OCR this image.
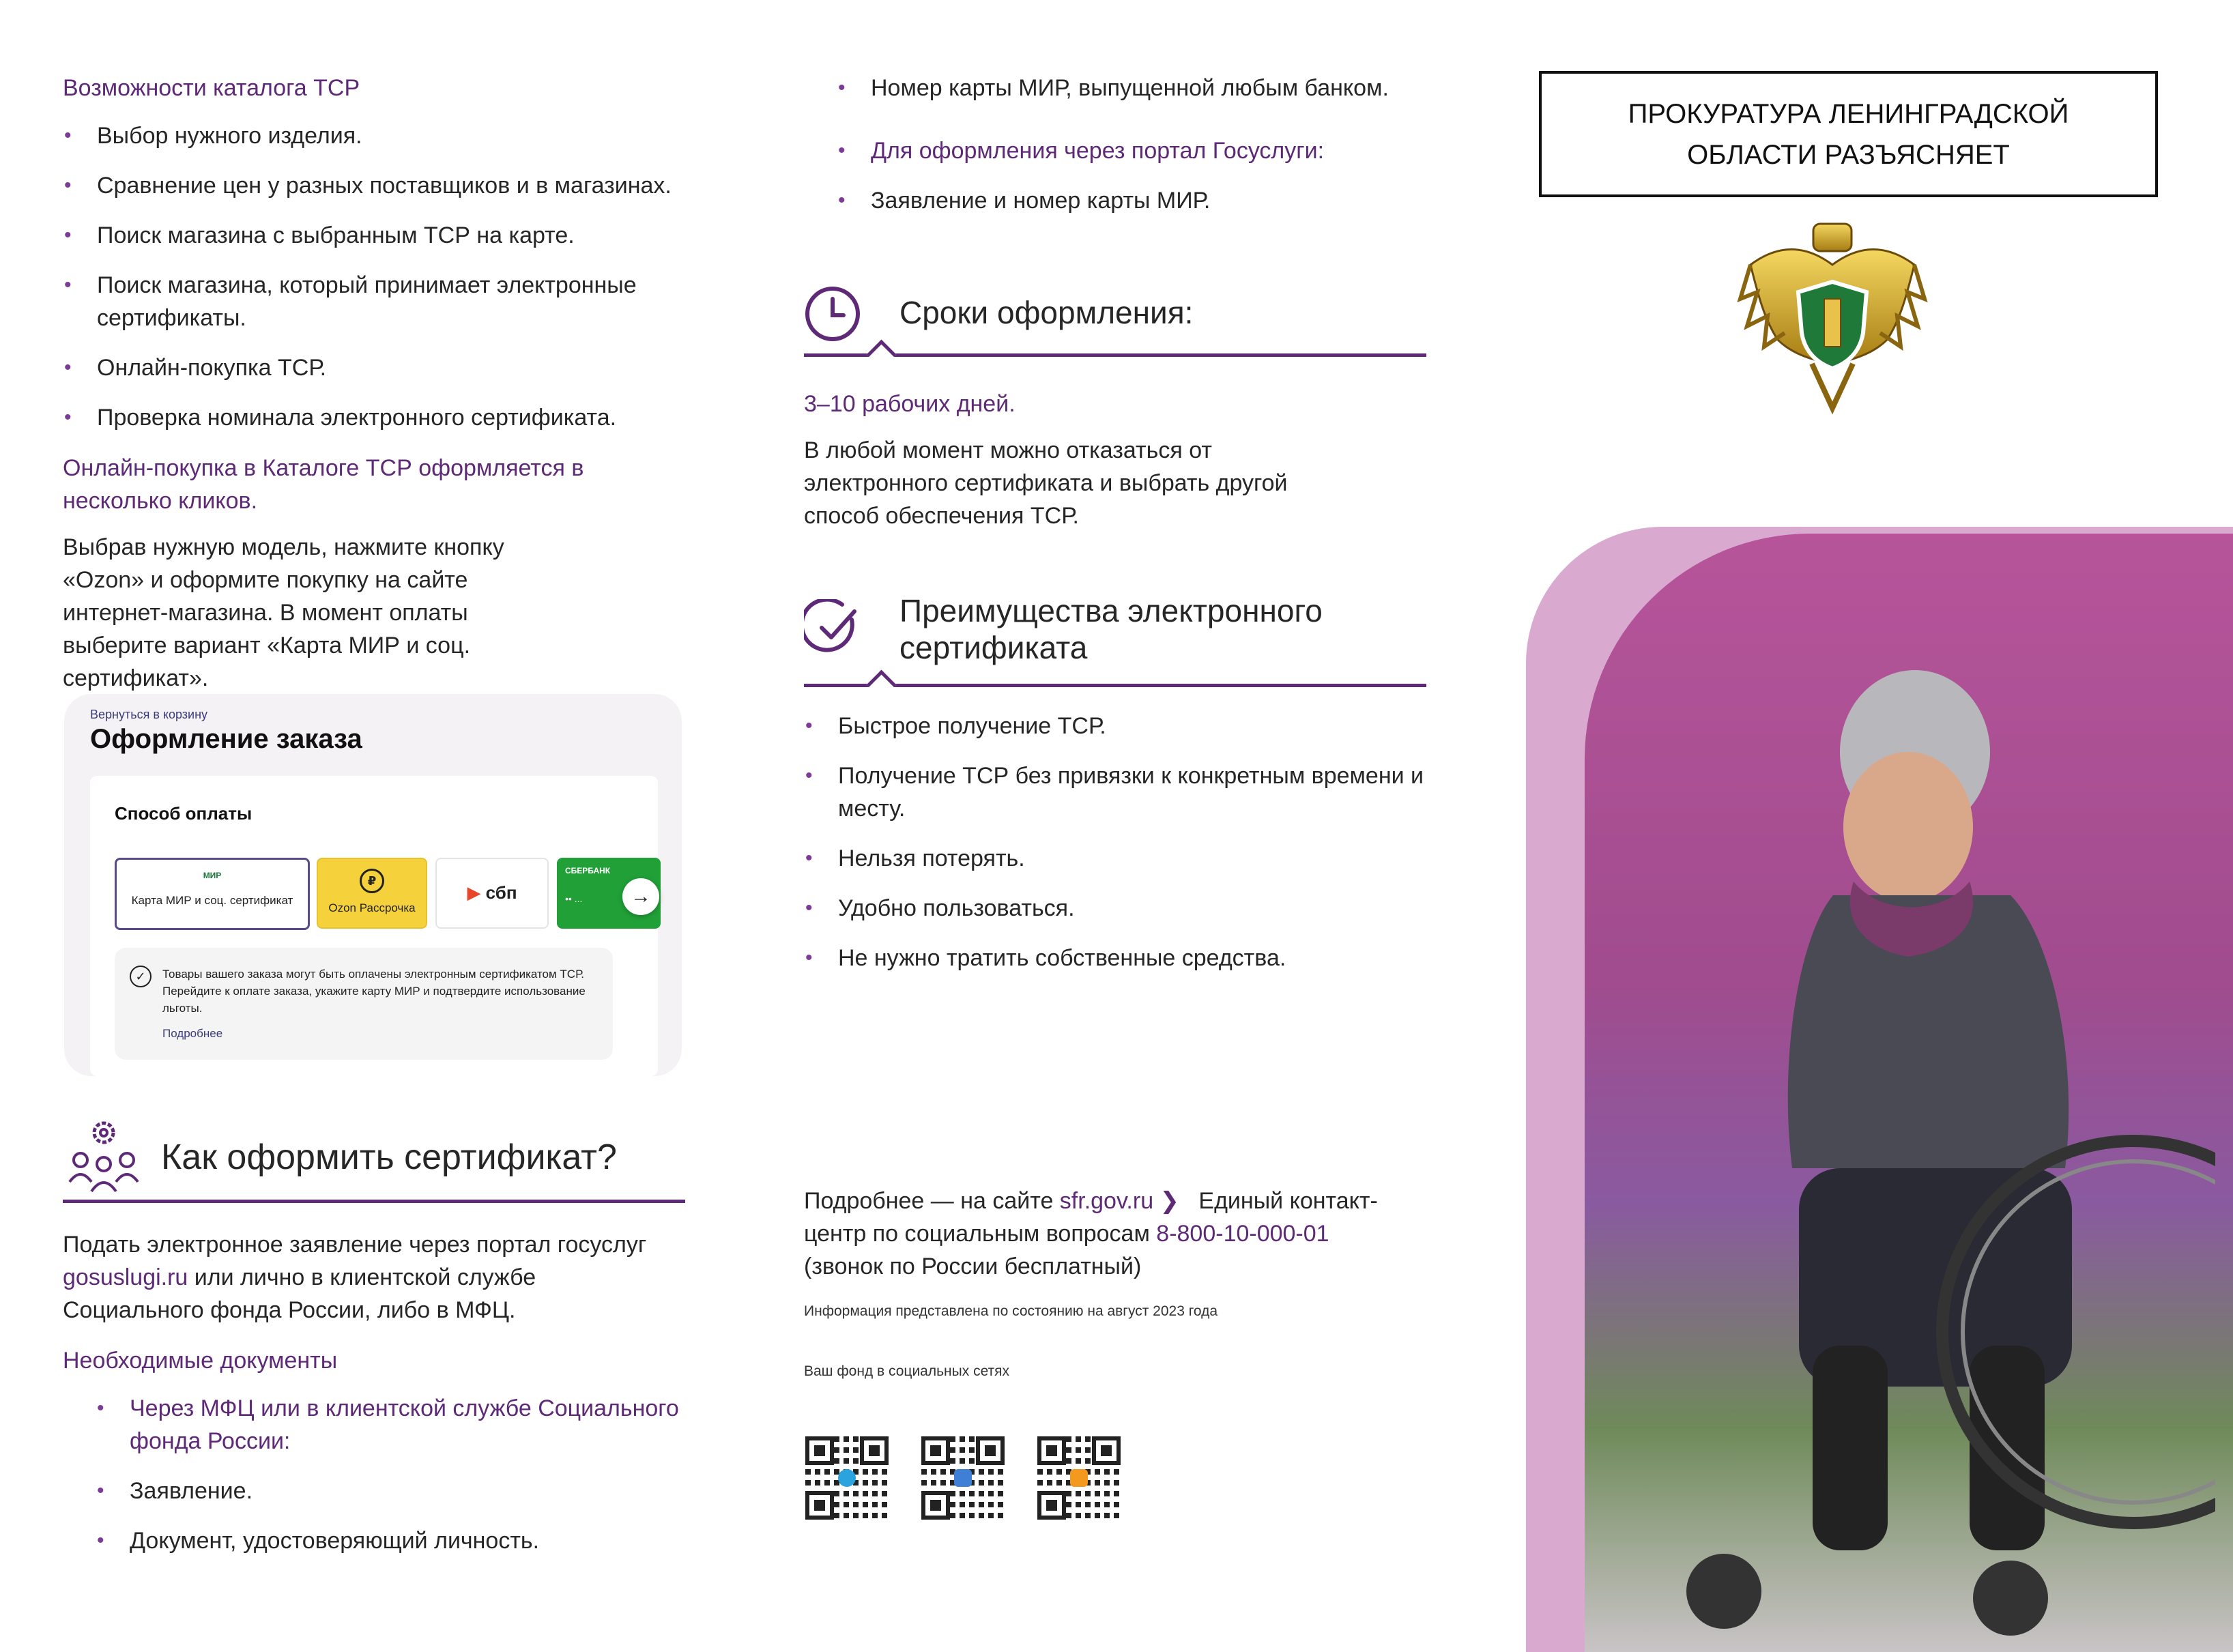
Возможности каталога ТСР
• Выбор нужного изделия.
• Сравнение цен у разных поставщиков и в магазинах.
• Поиск магазина с выбранным ТСР на карте.
• Поиск магазина, который принимает электронные сертификаты.
• Онлайн-покупка ТСР.
• Проверка номинала электронного сертификата.
Онлайн-покупка в Каталоге ТСР оформляется в несколько кликов.
Выбрав нужную модель, нажмите кнопку «Ozon» и оформите покупку на сайте интернет-магазина. В момент оплаты выберите вариант «Карта МИР и соц. сертификат».
Вернуться в корзину
Оформление заказа
Способ оплаты
МИР
Карта МИР и соц. сертификат
₽
Ozon Рассрочка
▶ сбп
СБЕРБАНК
•• ...	→
✓	Товары вашего заказа могут быть оплачены электронным сертификатом ТСР. Перейдите к оплате заказа, укажите карту МИР и подтвердите использование льготы.
Подробнее
Как оформить сертификат?
Подать электронное заявление через портал госуслуг gosuslugi.ru или лично в клиентской службе Социального фонда России, либо в МФЦ.
Необходимые документы
• Через МФЦ или в клиентской службе Социального фонда России:
• Заявление.
• Документ, удостоверяющий личность.
• Номер карты МИР, выпущенной любым банком.
• Для оформления через портал Госуслуги:
• Заявление и номер карты МИР.
Сроки оформления:
3–10 рабочих дней.
В любой момент можно отказаться от электронного сертификата и выбрать другой способ обеспечения ТСР.
Преимущества электронного сертификата
• Быстрое получение ТСР.
• Получение ТСР без привязки к конкретным времени и месту.
• Нельзя потерять.
• Удобно пользоваться.
• Не нужно тратить собственные средства.
Подробнее — на сайте sfr.gov.ru ❯   Единый контакт-центр по социальным вопросам 8-800-10-000-01
(звонок по России бесплатный)
Информация представлена по состоянию на август 2023 года
Ваш фонд в социальных сетях
ПРОКУРАТУРА ЛЕНИНГРАДСКОЙ ОБЛАСТИ РАЗЪЯСНЯЕТ
